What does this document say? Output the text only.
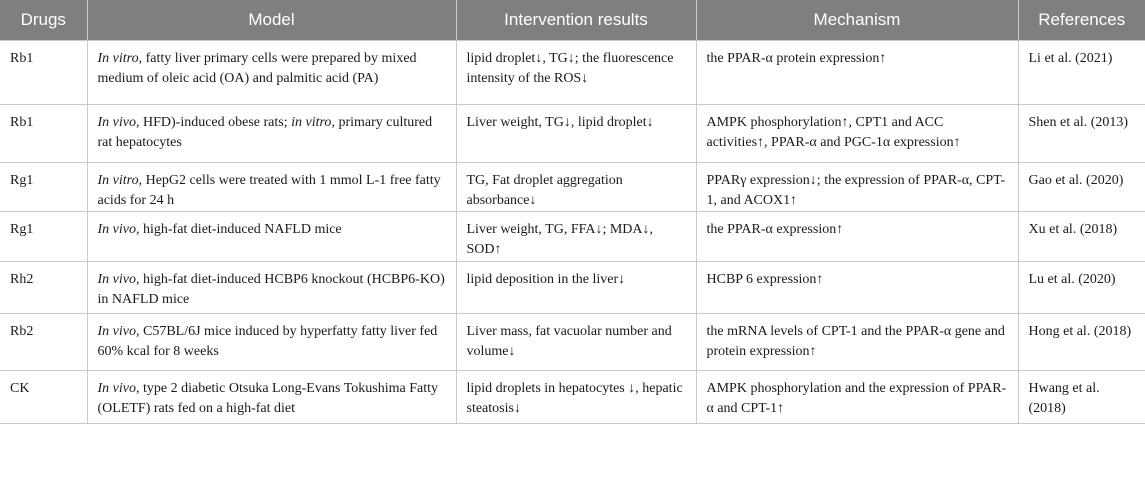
Drugs	Model	Intervention results	Mechanism	References
Rb1	In vitro, fatty liver primary cells were prepared by mixed medium of oleic acid (OA) and palmitic acid (PA)	lipid droplet↓, TG↓; the fluorescence intensity of the ROS↓	the PPAR-α protein expression↑	Li et al. (2021)
Rb1	In vivo, HFD)-induced obese rats; in vitro, primary cultured rat hepatocytes	Liver weight, TG↓, lipid droplet↓	AMPK phosphorylation↑, CPT1 and ACC activities↑, PPAR-α and PGC-1α expression↑	Shen et al. (2013)
Rg1	In vitro, HepG2 cells were treated with 1 mmol L-1 free fatty acids for 24 h	TG, Fat droplet aggregation absorbance↓	PPARγ expression↓; the expression of PPAR-α, CPT-1, and ACOX1↑	Gao et al. (2020)
Rg1	In vivo, high-fat diet-induced NAFLD mice	Liver weight, TG, FFA↓; MDA↓, SOD↑	the PPAR-α expression↑	Xu et al. (2018)
Rh2	In vivo, high-fat diet-induced HCBP6 knockout (HCBP6-KO) in NAFLD mice	lipid deposition in the liver↓	HCBP 6 expression↑	Lu et al. (2020)
Rb2	In vivo, C57BL/6J mice induced by hyperfatty fatty liver fed 60% kcal for 8 weeks	Liver mass, fat vacuolar number and volume↓	the mRNA levels of CPT-1 and the PPAR-α gene and protein expression↑	Hong et al. (2018)
CK	In vivo, type 2 diabetic Otsuka Long-Evans Tokushima Fatty (OLETF) rats fed on a high-fat diet	lipid droplets in hepatocytes ↓, hepatic steatosis↓	AMPK phosphorylation and the expression of PPAR-α and CPT-1↑	Hwang et al. (2018)
